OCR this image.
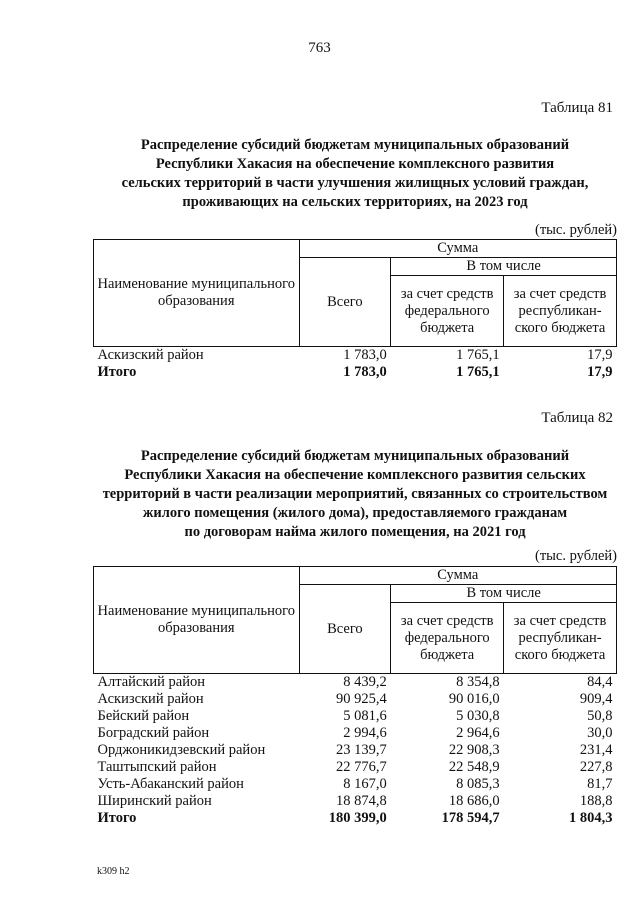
763
Таблица 81
Распределение субсидий бюджетам муниципальных образований
Республики Хакасия на обеспечение комплексного развития
сельских территорий в части улучшения жилищных условий граждан,
проживающих на сельских территориях, на 2023 год
(тыс. рублей)
Наименование муниципального образования	Сумма		
	Всего	В том числе	
		за счет средств федерального бюджета	за счет средств республикан-ского бюджета
Аскизский район	1 783,0	1 765,1	17,9
Итого	1 783,0	1 765,1	17,9
Таблица 82
Распределение субсидий бюджетам муниципальных образований
Республики Хакасия на обеспечение комплексного развития сельских
территорий в части реализации мероприятий, связанных со строительством
жилого помещения (жилого дома), предоставляемого гражданам
по договорам найма жилого помещения, на 2021 год
(тыс. рублей)
Наименование муниципального образования	Сумма		
	Всего	В том числе	
		за счет средств федерального бюджета	за счет средств республикан-ского бюджета
Алтайский район	8 439,2	8 354,8	84,4
Аскизский район	90 925,4	90 016,0	909,4
Бейский район	5 081,6	5 030,8	50,8
Боградский район	2 994,6	2 964,6	30,0
Орджоникидзевский район	23 139,7	22 908,3	231,4
Таштыпский район	22 776,7	22 548,9	227,8
Усть-Абаканский район	8 167,0	8 085,3	81,7
Ширинский район	18 874,8	18 686,0	188,8
Итого	180 399,0	178 594,7	1 804,3
k309 h2
